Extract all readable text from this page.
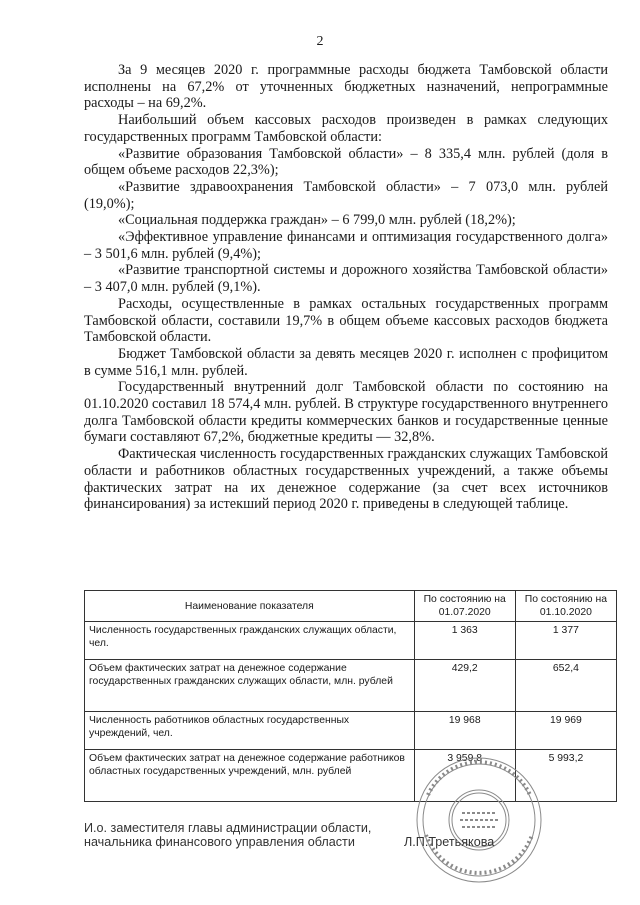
2

За 9 месяцев 2020 г. программные расходы бюджета Тамбовской области исполнены на 67,2% от уточненных бюджетных назначений, непрограммные расходы – на 69,2%.

Наибольший объем кассовых расходов произведен в рамках следующих государственных программ Тамбовской области:

«Развитие образования Тамбовской области» – 8 335,4 млн. рублей (доля в общем объеме расходов 22,3%);

«Развитие здравоохранения Тамбовской области» – 7 073,0 млн. рублей (19,0%);

«Социальная поддержка граждан» – 6 799,0 млн. рублей (18,2%);

«Эффективное управление финансами и оптимизация государственного долга» – 3 501,6 млн. рублей (9,4%);

«Развитие транспортной системы и дорожного хозяйства Тамбовской области» – 3 407,0 млн. рублей (9,1%).

Расходы, осуществленные в рамках остальных государственных программ Тамбовской области, составили 19,7% в общем объеме кассовых расходов бюджета Тамбовской области.

Бюджет Тамбовской области за девять месяцев 2020 г. исполнен с профицитом в сумме 516,1 млн. рублей.

Государственный внутренний долг Тамбовской области по состоянию на 01.10.2020 составил 18 574,4 млн. рублей. В структуре государственного внутреннего долга Тамбовской области кредиты коммерческих банков и государственные ценные бумаги составляют 67,2%, бюджетные кредиты — 32,8%.

Фактическая численность государственных гражданских служащих Тамбовской области и работников областных государственных учреждений, а также объемы фактических затрат на их денежное содержание (за счет всех источников финансирования) за истекший период 2020 г. приведены в следующей таблице.

Наименование показателя	По состоянию на 01.07.2020	По состоянию на 01.10.2020
Численность государственных гражданских служащих области, чел.	1 363	1 377
Объем фактических затрат на денежное содержание государственных гражданских служащих области, млн. рублей	429,2	652,4
Численность работников областных государственных учреждений, чел.	19 968	19 969
Объем фактических затрат на денежное содержание работников областных государственных учреждений, млн. рублей	3 959,8	5 993,2
И.о. заместителя главы администрации области,
начальника финансового управления области	Л.П.Третьякова
